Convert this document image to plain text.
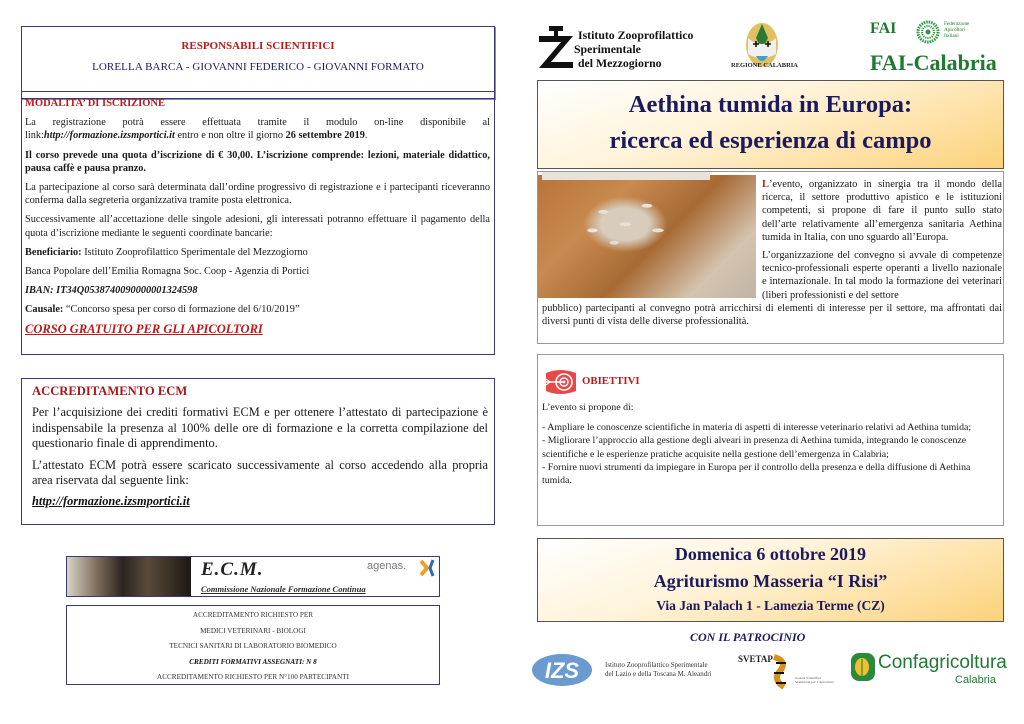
RESPONSABILI SCIENTIFICI
LORELLA BARCA - GIOVANNI FEDERICO - GIOVANNI FORMATO
MODALITA’ DI ISCRIZIONE

La registrazione potrà essere effettuata tramite il modulo on-line disponibile al link:http://formazione.izsmportici.it entro e non oltre il giorno 26 settembre 2019.

Il corso prevede una quota d’iscrizione di € 30,00. L’iscrizione comprende: lezioni, materiale didattico, pausa caffè e pausa pranzo.

La partecipazione al corso sarà determinata dall’ordine progressivo di registrazione e i partecipanti riceveranno conferma dalla segreteria organizzativa tramite posta elettronica.

Successivamente all’accettazione delle singole adesioni, gli interessati potranno effettuare il pagamento della quota d’iscrizione mediante le seguenti coordinate bancarie:

Beneficiario: Istituto Zooprofilattico Sperimentale del Mezzogiorno

Banca Popolare dell’Emilia Romagna Soc. Coop - Agenzia di Portici

IBAN: IT34Q0538740090000001324598

Causale: “Concorso spesa per corso di formazione del 6/10/2019”

CORSO GRATUITO PER GLI APICOLTORI

ACCREDITAMENTO ECM

Per l’acquisizione dei crediti formativi ECM e per ottenere l’attestato di partecipazione è indispensabile la presenza al 100% delle ore di formazione e la corretta compilazione del questionario finale di apprendimento.

L’attestato ECM potrà essere scaricato successivamente al corso accedendo alla propria area riservata dal seguente link:

http://formazione.izsmportici.it

E.C.M.
Commissione Nazionale Formazione Continua
agenas.
ACCREDITAMENTO RICHIESTO PER
MEDICI VETERINARI - BIOLOGI
TECNICI SANITARI DI LABORATORIO BIOMEDICO
CREDITI FORMATIVI ASSEGNATI: N 8
ACCREDITAMENTO RICHIESTO PER N°100 PARTECIPANTI
Istituto Zooprofilattico
Sperimentale
del Mezzogiorno	REGIONE CALABRIA
FAI	Federazione
Apicoltori
Italiani
FAI-Calabria
Aethina tumida in Europa:
ricerca ed esperienza di campo
L’evento, organizzato in sinergia tra il mondo della ricerca, il settore produttivo apistico e le istituzioni competenti, si propone di fare il punto sullo stato dell’arte relativamente all’emergenza sanitaria Aethina tumida in Italia, con uno sguardo all’Europa.
L’organizzazione del convegno si avvale di competenze tecnico-professionali esperte operanti a livello nazionale e internazionale. In tal modo la formazione dei veterinari (liberi professionisti e del settore
pubblico) partecipanti al convegno potrà arricchirsi di elementi di interesse per il settore, ma affrontati dai diversi punti di vista delle diverse professionalità.
OBIETTIVI
L’evento si propone di:
- Ampliare le conoscenze scientifiche in materia di aspetti di interesse veterinario relativi ad Aethina tumida;
- Migliorare l’approccio alla gestione degli alveari in presenza di Aethina tumida, integrando le conoscenze scientifiche e le esperienze pratiche acquisite nella gestione dell’emergenza in Calabria;
- Fornire nuovi strumenti da impiegare in Europa per il controllo della presenza e della diffusione di Aethina tumida.
Domenica 6 ottobre 2019
Agriturismo Masseria “I Risi”
Via Jan Palach 1 - Lamezia Terme (CZ)
CON IL PATROCINIO
IZS	Istituto Zooprofilattico Sperimentale
del Lazio e della Toscana M. Aleandri
SVETAP
Società Scientifica
Veterinaria per l’Apicoltura
Confagricoltura
Calabria
